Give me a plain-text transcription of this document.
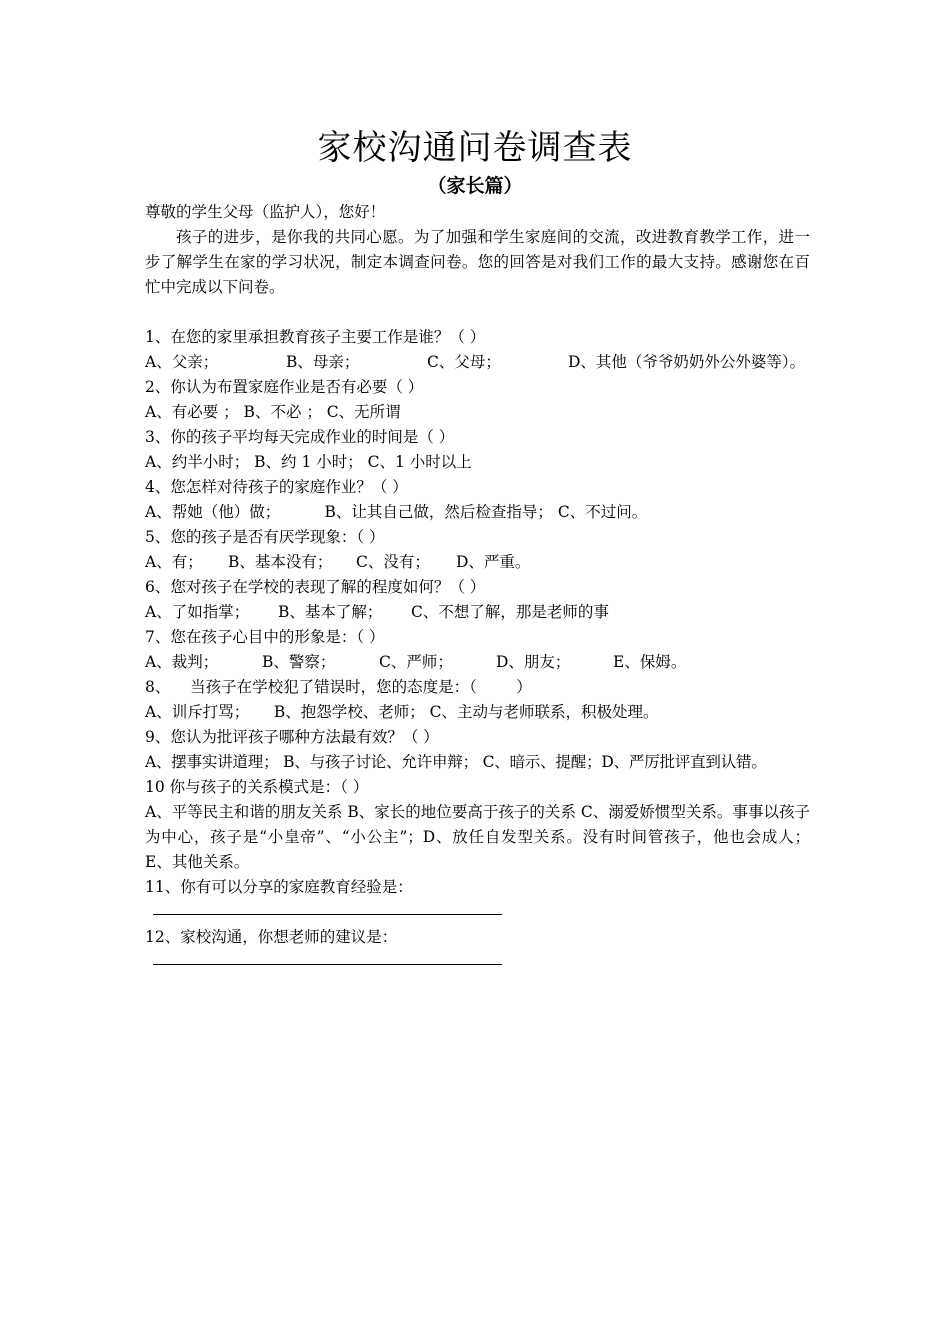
家校沟通问卷调查表
（家长篇）
尊敬的学生父母（监护人），您好！
孩子的进步，是你我的共同心愿。为了加强和学生家庭间的交流，改进教育教学工作，进一步了解学生在家的学习状况，制定本调查问卷。您的回答是对我们工作的最大支持。感谢您在百忙中完成以下问卷。
1、在您的家里承担教育孩子主要工作是谁？（ ）
A、父亲；	B、母亲；	C、父母；	D、其他（爷爷奶奶外公外婆等）。
2、你认为布置家庭作业是否有必要（ ）
A、有必要 ； B、不必 ； C、无所谓
3、你的孩子平均每天完成作业的时间是（ ）
A、约半小时； B、约 1 小时； C、1 小时以上
4、您怎样对待孩子的家庭作业？（ ）
A、帮她（他）做；         B、让其自己做，然后检查指导； C、不过问。
5、您的孩子是否有厌学现象：（ ）
A、有；	B、基本没有；	C、没有；	D、严重。
6、您对孩子在学校的表现了解的程度如何？（ ）
A、了如指掌；	B、基本了解；	C、不想了解，那是老师的事
7、您在孩子心目中的形象是：（ ）
A、裁判；	B、警察；	C、严师；	D、朋友；	E、保姆。
8、    当孩子在学校犯了错误时，您的态度是：（        ）
A、训斥打骂；     B、抱怨学校、老师； C、主动与老师联系，积极处理。
9、您认为批评孩子哪种方法最有效？（ ）
A、摆事实讲道理； B、与孩子讨论、允许申辩； C、暗示、提醒；D、严厉批评直到认错。
10 你与孩子的关系模式是：（ ）
A、平等民主和谐的朋友关系 B、家长的地位要高于孩子的关系 C、溺爱娇惯型关系。事事以孩子为中心，孩子是“小皇帝”、“小公主”；D、放任自发型关系。没有时间管孩子，他也会成人；     E、其他关系。
11、你有可以分享的家庭教育经验是：
12、家校沟通，你想老师的建议是：
